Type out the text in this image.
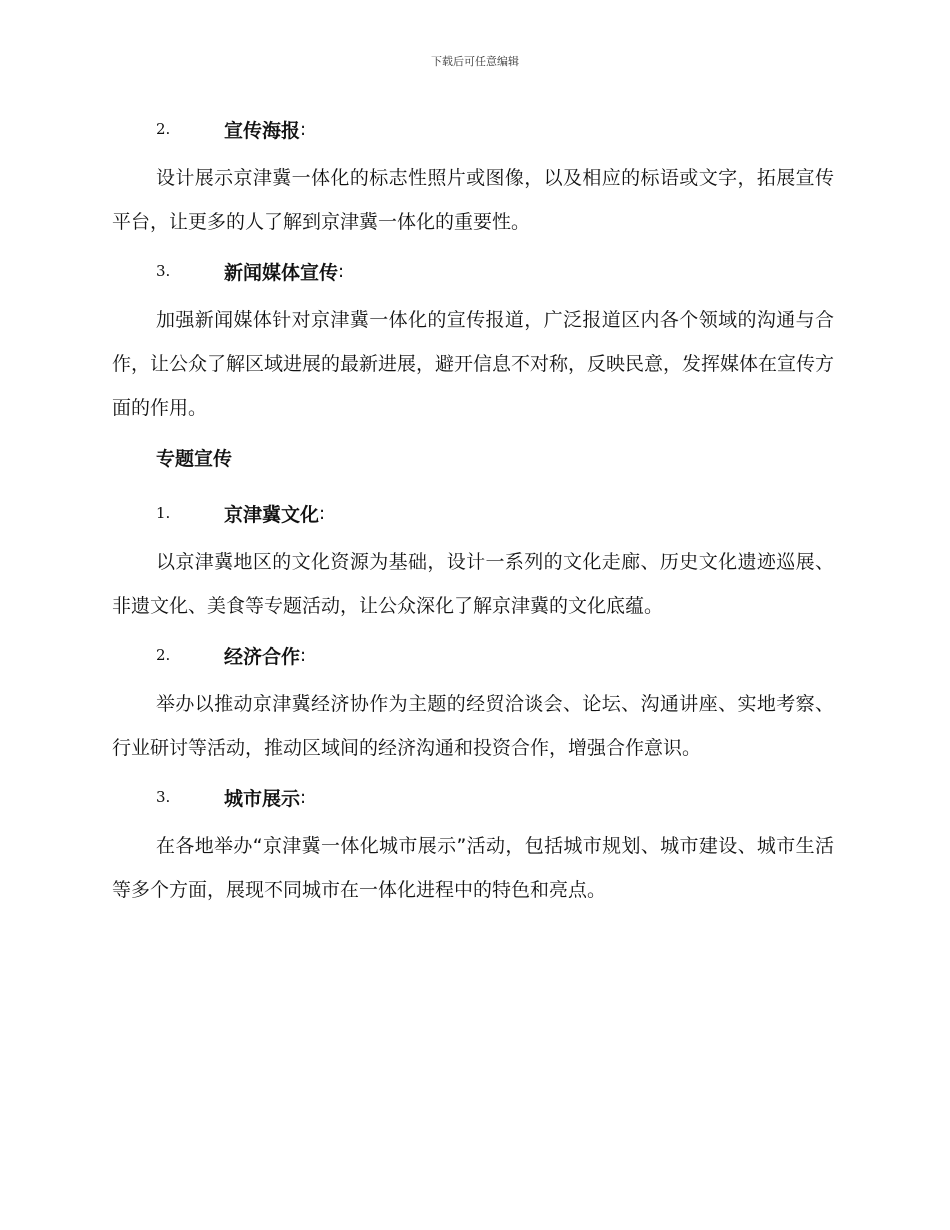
下载后可任意编辑
2.	宣传海报 :

设计展示京津冀一体化的标志性照片或图像，以及相应的标语或文字，拓展宣传平台，让更多的人了解到京津冀一体化的重要性。

3.	新闻媒体宣传 :

加强新闻媒体针对京津冀一体化的宣传报道，广泛报道区内各个领域的沟通与合作，让公众了解区域进展的最新进展，避开信息不对称，反映民意，发挥媒体在宣传方面的作用。

专题宣传
1.	京津冀文化 :

以京津冀地区的文化资源为基础，设计一系列的文化走廊、历史文化遗迹巡展、非遗文化、美食等专题活动，让公众深化了解京津冀的文化底蕴。

2.	经济合作 :

举办以推动京津冀经济协作为主题的经贸洽谈会、论坛、沟通讲座、实地考察、行业研讨等活动，推动区域间的经济沟通和投资合作，增强合作意识。

3.	城市展示 :

在各地举办“京津冀一体化城市展示”活动，包括城市规划、城市建设、城市生活等多个方面，展现不同城市在一体化进程中的特色和亮点。
